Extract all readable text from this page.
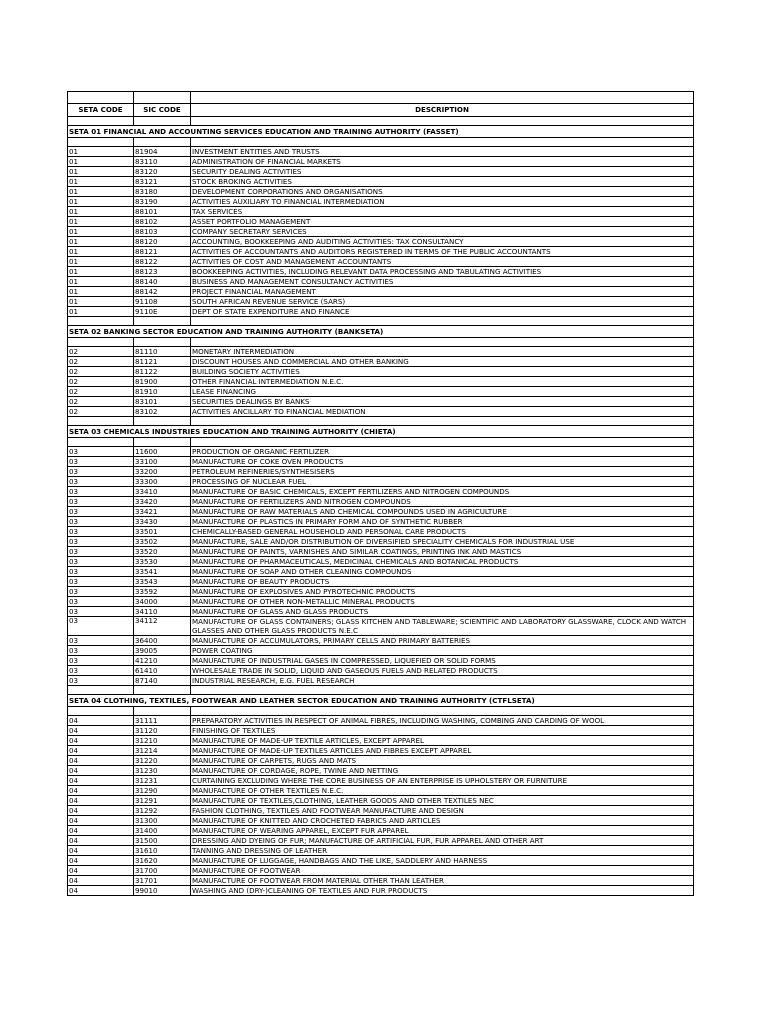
SETA CODE	SIC CODE	DESCRIPTION

SETA 01 FINANCIAL AND ACCOUNTING SERVICES EDUCATION AND TRAINING AUTHORITY (FASSET)		

01	81904	INVESTMENT ENTITIES AND TRUSTS
01	83110	ADMINISTRATION OF FINANCIAL MARKETS
01	83120	SECURITY DEALING ACTIVITIES
01	83121	STOCK BROKING ACTIVITIES
01	83180	DEVELOPMENT CORPORATIONS AND ORGANISATIONS
01	83190	ACTIVITIES AUXILIARY TO FINANCIAL INTERMEDIATION
01	88101	TAX SERVICES
01	88102	ASSET PORTFOLIO MANAGEMENT
01	88103	COMPANY SECRETARY SERVICES
01	88120	ACCOUNTING, BOOKKEEPING AND AUDITING ACTIVITIES: TAX CONSULTANCY
01	88121	ACTIVITIES OF ACCOUNTANTS AND AUDITORS REGISTERED IN TERMS OF THE PUBLIC ACCOUNTANTS
01	88122	ACTIVITIES OF COST AND MANAGEMENT ACCOUNTANTS
01	88123	BOOKKEEPING ACTIVITIES, INCLUDING RELEVANT DATA PROCESSING AND TABULATING ACTIVITIES
01	88140	BUSINESS AND MANAGEMENT CONSULTANCY ACTIVITIES
01	88142	PROJECT FINANCIAL MANAGEMENT
01	91108	SOUTH AFRICAN REVENUE SERVICE (SARS)
01	9110E	DEPT OF STATE EXPENDITURE AND FINANCE

SETA 02 BANKING SECTOR EDUCATION AND TRAINING AUTHORITY (BANKSETA)		

02	81110	MONETARY INTERMEDIATION
02	81121	DISCOUNT HOUSES AND COMMERCIAL AND OTHER BANKING
02	81122	BUILDING SOCIETY ACTIVITIES
02	81900	OTHER FINANCIAL INTERMEDIATION N.E.C.
02	81910	LEASE FINANCING
02	83101	SECURITIES DEALINGS BY BANKS
02	83102	ACTIVITIES ANCILLARY TO FINANCIAL MEDIATION

SETA 03 CHEMICALS INDUSTRIES EDUCATION AND TRAINING AUTHORITY (CHIETA)		

03	11600	PRODUCTION OF ORGANIC FERTILIZER
03	33100	MANUFACTURE OF COKE OVEN PRODUCTS
03	33200	PETROLEUM REFINERIES/SYNTHESISERS
03	33300	PROCESSING OF NUCLEAR FUEL
03	33410	MANUFACTURE OF BASIC CHEMICALS, EXCEPT FERTILIZERS AND NITROGEN COMPOUNDS
03	33420	MANUFACTURE OF FERTILIZERS AND NITROGEN COMPOUNDS
03	33421	MANUFACTURE OF RAW MATERIALS AND CHEMICAL COMPOUNDS USED IN AGRICULTURE
03	33430	MANUFACTURE OF PLASTICS IN PRIMARY FORM AND OF SYNTHETIC RUBBER
03	33501	CHEMICALLY-BASED GENERAL HOUSEHOLD AND PERSONAL CARE PRODUCTS
03	33502	MANUFACTURE, SALE AND/OR DISTRIBUTION OF DIVERSIFIED SPECIALITY CHEMICALS FOR INDUSTRIAL USE
03	33520	MANUFACTURE OF PAINTS, VARNISHES AND SIMILAR COATINGS, PRINTING INK AND MASTICS
03	33530	MANUFACTURE OF PHARMACEUTICALS, MEDICINAL CHEMICALS AND BOTANICAL PRODUCTS
03	33541	MANUFACTURE OF SOAP AND OTHER CLEANING COMPOUNDS
03	33543	MANUFACTURE OF BEAUTY PRODUCTS
03	33592	MANUFACTURE OF EXPLOSIVES AND PYROTECHNIC PRODUCTS
03	34000	MANUFACTURE OF OTHER NON-METALLIC MINERAL PRODUCTS
03	34110	MANUFACTURE OF GLASS AND GLASS PRODUCTS
03	34112	MANUFACTURE OF GLASS CONTAINERS; GLASS KITCHEN AND TABLEWARE; SCIENTIFIC AND LABORATORY GLASSWARE, CLOCK AND WATCH GLASSES AND OTHER GLASS PRODUCTS N.E.C
03	36400	MANUFACTURE OF ACCUMULATORS, PRIMARY CELLS AND PRIMARY BATTERIES
03	39005	POWER COATING
03	41210	MANUFACTURE OF INDUSTRIAL GASES IN COMPRESSED, LIQUEFIED OR SOLID FORMS
03	61410	WHOLESALE TRADE IN SOLID, LIQUID AND GASEOUS FUELS AND RELATED PRODUCTS
03	87140	INDUSTRIAL RESEARCH, E.G. FUEL RESEARCH

SETA 04 CLOTHING, TEXTILES, FOOTWEAR AND LEATHER SECTOR EDUCATION AND TRAINING AUTHORITY (CTFLSETA)		

04	31111	PREPARATORY ACTIVITIES IN RESPECT OF ANIMAL FIBRES, INCLUDING WASHING, COMBING AND CARDING OF WOOL
04	31120	FINISHING OF TEXTILES
04	31210	MANUFACTURE OF MADE-UP TEXTILE ARTICLES, EXCEPT APPAREL
04	31214	MANUFACTURE OF MADE-UP TEXTILES ARTICLES AND FIBRES EXCEPT APPAREL
04	31220	MANUFACTURE OF CARPETS, RUGS AND MATS
04	31230	MANUFACTURE OF CORDAGE, ROPE, TWINE AND NETTING
04	31231	CURTAINING EXCLUDING WHERE THE CORE BUSINESS OF AN ENTERPRISE IS UPHOLSTERY OR FURNITURE
04	31290	MANUFACTURE OF OTHER TEXTILES N.E.C.
04	31291	MANUFACTURE OF TEXTILES,CLOTHING, LEATHER GOODS AND OTHER TEXTILES NEC
04	31292	FASHION CLOTHING, TEXTILES AND FOOTWEAR MANUFACTURE AND DESIGN
04	31300	MANUFACTURE OF KNITTED AND CROCHETED FABRICS AND ARTICLES
04	31400	MANUFACTURE OF WEARING APPAREL, EXCEPT FUR APPAREL
04	31500	DRESSING AND DYEING OF FUR; MANUFACTURE OF ARTIFICIAL FUR, FUR APPAREL AND OTHER ART
04	31610	TANNING AND DRESSING OF LEATHER
04	31620	MANUFACTURE OF LUGGAGE, HANDBAGS AND THE LIKE, SADDLERY AND HARNESS
04	31700	MANUFACTURE OF FOOTWEAR
04	31701	MANUFACTURE OF FOOTWEAR FROM MATERIAL OTHER THAN LEATHER
04	99010	WASHING AND (DRY-)CLEANING OF TEXTILES AND FUR PRODUCTS
